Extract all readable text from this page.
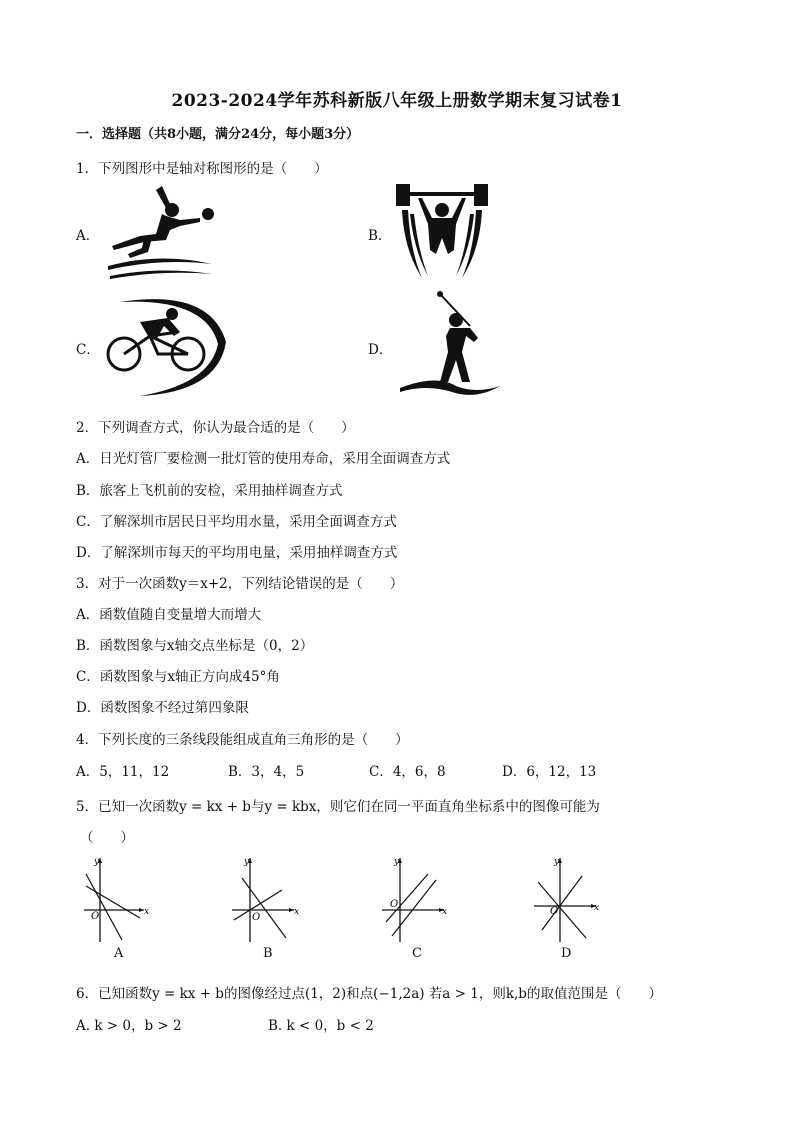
2023-2024学年苏科新版八年级上册数学期末复习试卷1
一．选择题（共8小题，满分24分，每小题3分）
1．下列图形中是轴对称图形的是（　　）
A．	B．
C．	D．
2．下列调查方式，你认为最合适的是（　　）
A．日光灯管厂要检测一批灯管的使用寿命，采用全面调查方式
B．旅客上飞机前的安检，采用抽样调查方式
C．了解深圳市居民日平均用水量，采用全面调查方式
D．了解深圳市每天的平均用电量，采用抽样调查方式
3．对于一次函数y＝x+2，下列结论错误的是（　　）
A．函数值随自变量增大而增大
B．函数图象与x轴交点坐标是（0，2）
C．函数图象与x轴正方向成45°角
D．函数图象不经过第四象限
4．下列长度的三条线段能组成直角三角形的是（　　）
A．5，11，12	B．3，4，5	C．4，6，8	D．6，12，13
5．已知一次函数y = kx + b与y = kbx，则它们在同一平面直角坐标系中的图像可能为
（　　）
y
x
O
A
y
x
O
B
y
x
O
C
y
x
O
D
6．已知函数y = kx + b的图像经过点(1，2)和点(−1,2a) 若a > 1，则k,b的取值范围是（　　）
A. k > 0，b > 2	B. k < 0，b < 2
